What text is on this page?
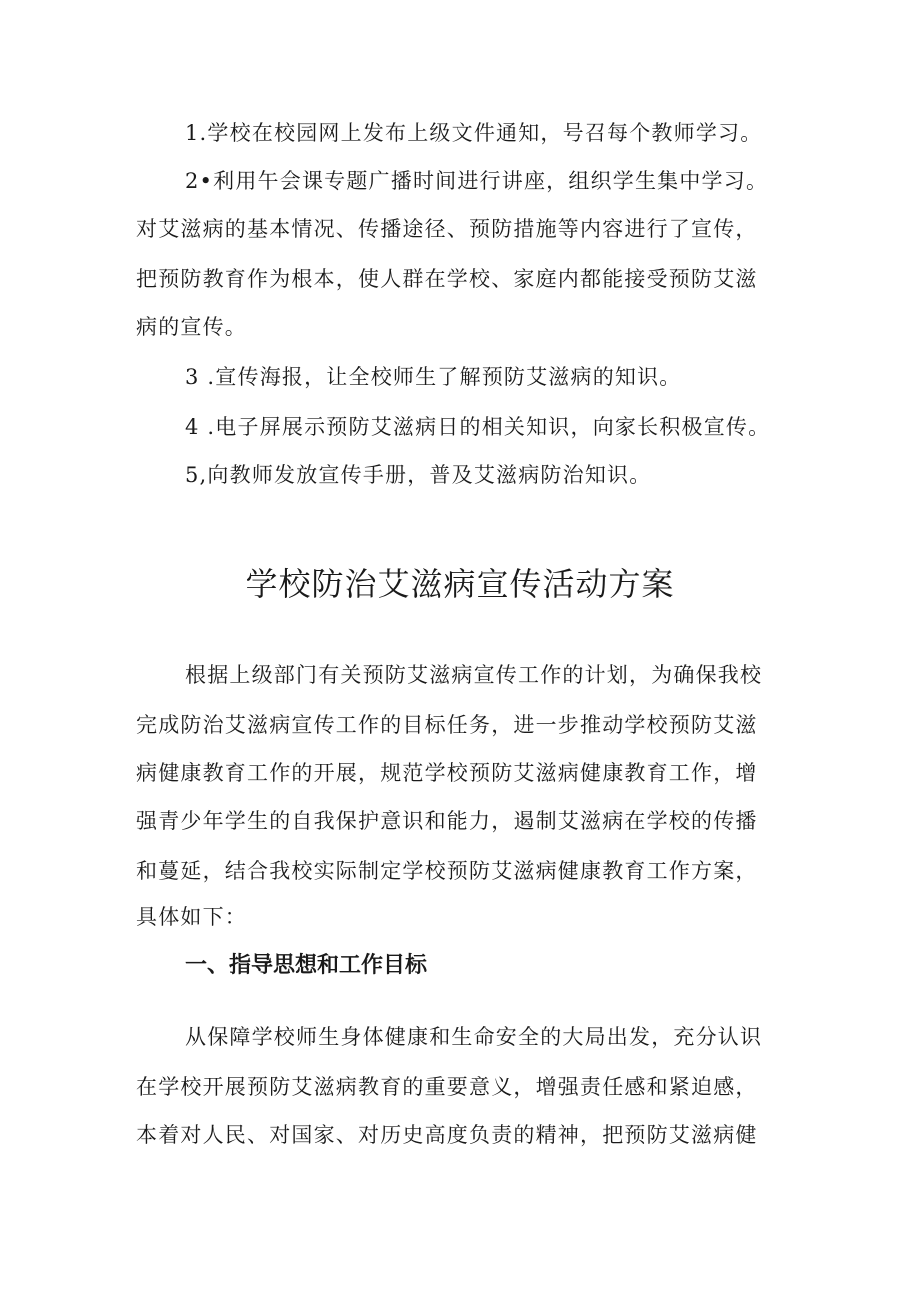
1.学校在校园网上发布上级文件通知，号召每个教师学习。
2•利用午会课专题广播时间进行讲座，组织学生集中学习。
对艾滋病的基本情况、传播途径、预防措施等内容进行了宣传，
把预防教育作为根本，使人群在学校、家庭内都能接受预防艾滋
病的宣传。
3 .宣传海报，让全校师生了解预防艾滋病的知识。
4 .电子屏展示预防艾滋病日的相关知识，向家长积极宣传。
5,向教师发放宣传手册，普及艾滋病防治知识。
学校防治艾滋病宣传活动方案
根据上级部门有关预防艾滋病宣传工作的计划，为确保我校
完成防治艾滋病宣传工作的目标任务，进一步推动学校预防艾滋
病健康教育工作的开展，规范学校预防艾滋病健康教育工作，增
强青少年学生的自我保护意识和能力，遏制艾滋病在学校的传播
和蔓延，结合我校实际制定学校预防艾滋病健康教育工作方案，
具体如下：
一、指导思想和工作目标
从保障学校师生身体健康和生命安全的大局出发，充分认识
在学校开展预防艾滋病教育的重要意义，增强责任感和紧迫感，
本着对人民、对国家、对历史高度负责的精神，把预防艾滋病健
